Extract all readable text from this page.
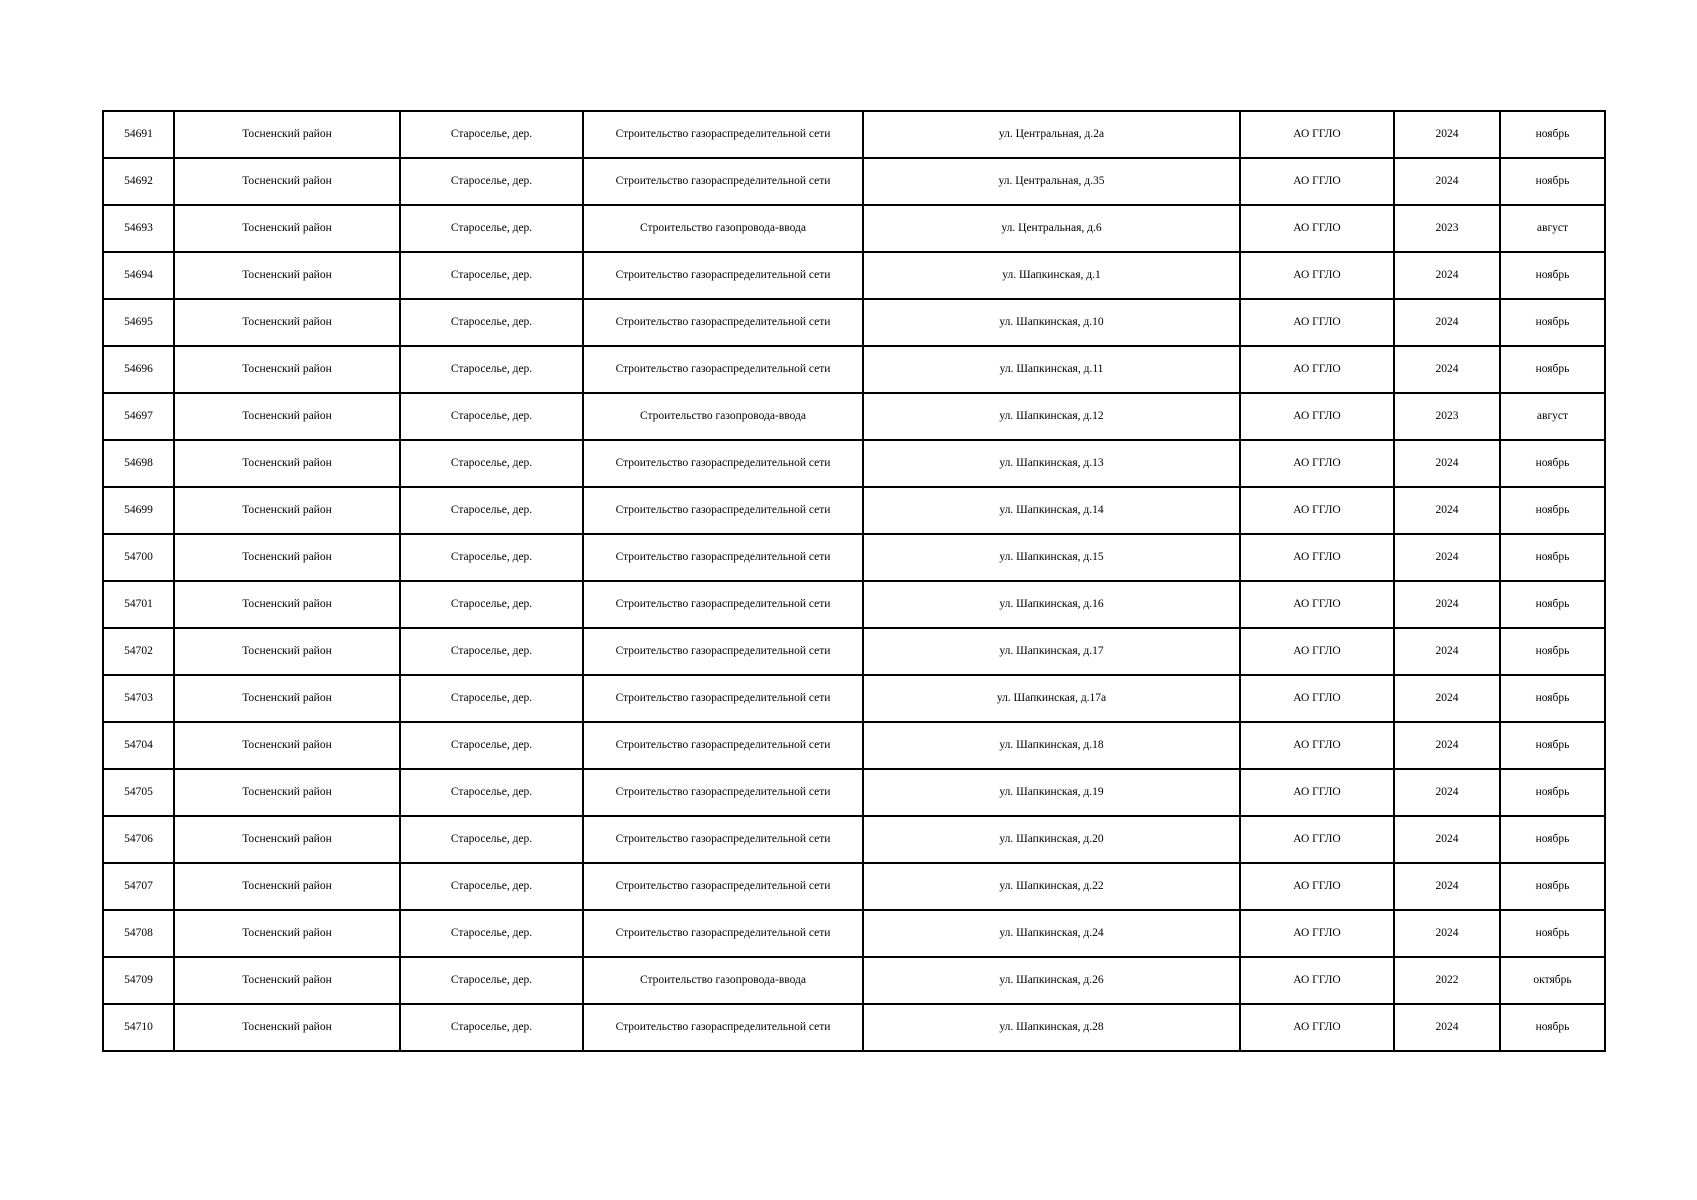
54691	Тосненский район	Староселье, дер.	Строительство газораспределительной сети	ул. Центральная, д.2а	АО ГГЛО	2024	ноябрь
54692	Тосненский район	Староселье, дер.	Строительство газораспределительной сети	ул. Центральная, д.35	АО ГГЛО	2024	ноябрь
54693	Тосненский район	Староселье, дер.	Строительство газопровода-ввода	ул. Центральная, д.6	АО ГГЛО	2023	август
54694	Тосненский район	Староселье, дер.	Строительство газораспределительной сети	ул. Шапкинская, д.1	АО ГГЛО	2024	ноябрь
54695	Тосненский район	Староселье, дер.	Строительство газораспределительной сети	ул. Шапкинская, д.10	АО ГГЛО	2024	ноябрь
54696	Тосненский район	Староселье, дер.	Строительство газораспределительной сети	ул. Шапкинская, д.11	АО ГГЛО	2024	ноябрь
54697	Тосненский район	Староселье, дер.	Строительство газопровода-ввода	ул. Шапкинская, д.12	АО ГГЛО	2023	август
54698	Тосненский район	Староселье, дер.	Строительство газораспределительной сети	ул. Шапкинская, д.13	АО ГГЛО	2024	ноябрь
54699	Тосненский район	Староселье, дер.	Строительство газораспределительной сети	ул. Шапкинская, д.14	АО ГГЛО	2024	ноябрь
54700	Тосненский район	Староселье, дер.	Строительство газораспределительной сети	ул. Шапкинская, д.15	АО ГГЛО	2024	ноябрь
54701	Тосненский район	Староселье, дер.	Строительство газораспределительной сети	ул. Шапкинская, д.16	АО ГГЛО	2024	ноябрь
54702	Тосненский район	Староселье, дер.	Строительство газораспределительной сети	ул. Шапкинская, д.17	АО ГГЛО	2024	ноябрь
54703	Тосненский район	Староселье, дер.	Строительство газораспределительной сети	ул. Шапкинская, д.17а	АО ГГЛО	2024	ноябрь
54704	Тосненский район	Староселье, дер.	Строительство газораспределительной сети	ул. Шапкинская, д.18	АО ГГЛО	2024	ноябрь
54705	Тосненский район	Староселье, дер.	Строительство газораспределительной сети	ул. Шапкинская, д.19	АО ГГЛО	2024	ноябрь
54706	Тосненский район	Староселье, дер.	Строительство газораспределительной сети	ул. Шапкинская, д.20	АО ГГЛО	2024	ноябрь
54707	Тосненский район	Староселье, дер.	Строительство газораспределительной сети	ул. Шапкинская, д.22	АО ГГЛО	2024	ноябрь
54708	Тосненский район	Староселье, дер.	Строительство газораспределительной сети	ул. Шапкинская, д.24	АО ГГЛО	2024	ноябрь
54709	Тосненский район	Староселье, дер.	Строительство газопровода-ввода	ул. Шапкинская, д.26	АО ГГЛО	2022	октябрь
54710	Тосненский район	Староселье, дер.	Строительство газораспределительной сети	ул. Шапкинская, д.28	АО ГГЛО	2024	ноябрь
